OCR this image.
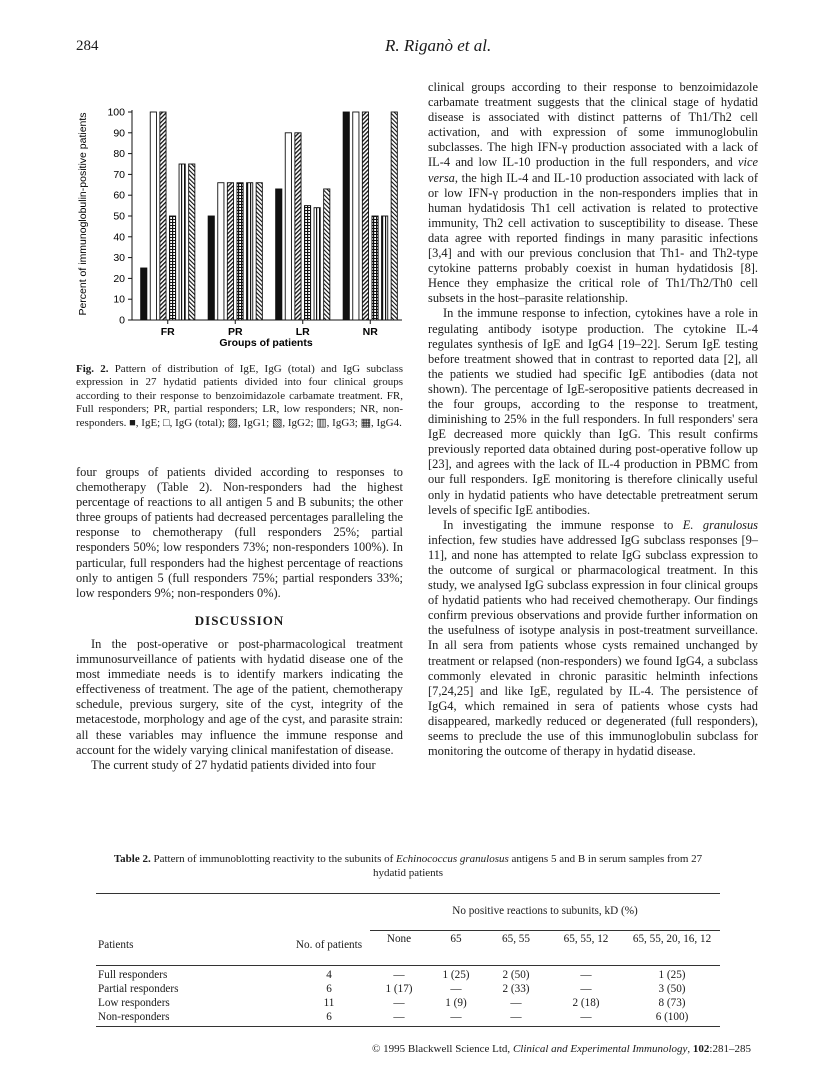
284	R. Riganò et al.
Percent of immunoglobulin-positive patients
0
10
20
30
40
50
60
70
80
90
100
FR	PR	LR	NR
Groups of patients
Fig. 2. Pattern of distribution of IgE, IgG (total) and IgG subclass expression in 27 hydatid patients divided into four clinical groups according to their response to benzoimidazole carbamate treatment. FR, Full responders; PR, partial responders; LR, low responders; NR, non-responders. ■, IgE; □, IgG (total); ▨, IgG1; ▧, IgG2; ▥, IgG3; ▦, IgG4.

four groups of patients divided according to responses to chemotherapy (Table 2). Non-responders had the highest percentage of reactions to all antigen 5 and B subunits; the other three groups of patients had decreased percentages paralleling the response to chemotherapy (full responders 25%; partial responders 50%; low responders 73%; non-responders 100%). In particular, full responders had the highest percentage of reactions only to antigen 5 (full responders 75%; partial responders 33%; low responders 9%; non-responders 0%).

DISCUSSION

In the post-operative or post-pharmacological treatment immunosurveillance of patients with hydatid disease one of the most immediate needs is to identify markers indicating the effectiveness of treatment. The age of the patient, chemotherapy schedule, previous surgery, site of the cyst, integrity of the metacestode, morphology and age of the cyst, and parasite strain: all these variables may influence the immune response and account for the widely varying clinical manifestation of disease.

The current study of 27 hydatid patients divided into four

clinical groups according to their response to benzoimidazole carbamate treatment suggests that the clinical stage of hydatid disease is associated with distinct patterns of Th1/Th2 cell activation, and with expression of some immunoglobulin subclasses. The high IFN-γ production associated with a lack of IL-4 and low IL-10 production in the full responders, and vice versa, the high IL-4 and IL-10 production associated with lack of or low IFN-γ production in the non-responders implies that in human hydatidosis Th1 cell activation is related to protective immunity, Th2 cell activation to susceptibility to disease. These data agree with reported findings in many parasitic infections [3,4] and with our previous conclusion that Th1- and Th2-type cytokine patterns probably coexist in human hydatidosis [8]. Hence they emphasize the critical role of Th1/Th2/Th0 cell subsets in the host–parasite relationship.

In the immune response to infection, cytokines have a role in regulating antibody isotype production. The cytokine IL-4 regulates synthesis of IgE and IgG4 [19–22]. Serum IgE testing before treatment showed that in contrast to reported data [2], all the patients we studied had specific IgE antibodies (data not shown). The percentage of IgE-seropositive patients decreased in the four groups, according to the response to treatment, diminishing to 25% in the full responders. In full responders' sera IgE decreased more quickly than IgG. This result confirms previously reported data obtained during post-operative follow up [23], and agrees with the lack of IL-4 production in PBMC from our full responders. IgE monitoring is therefore clinically useful only in hydatid patients who have detectable pretreatment serum levels of specific IgE antibodies.

In investigating the immune response to E. granulosus infection, few studies have addressed IgG subclass responses [9–11], and none has attempted to relate IgG subclass expression to the outcome of surgical or pharmacological treatment. In this study, we analysed IgG subclass expression in four clinical groups of hydatid patients who had received chemotherapy. Our findings confirm previous observations and provide further information on the usefulness of isotype analysis in post-treatment surveillance. In all sera from patients whose cysts remained unchanged by treatment or relapsed (non-responders) we found IgG4, a subclass commonly elevated in chronic parasitic helminth infections [7,24,25] and like IgE, regulated by IL-4. The persistence of IgG4, which remained in sera of patients whose cysts had disappeared, markedly reduced or degenerated (full responders), seems to preclude the use of this immunoglobulin subclass for monitoring the outcome of therapy in hydatid disease.

Table 2. Pattern of immunoblotting reactivity to the subunits of Echinococcus granulosus antigens 5 and B in serum samples from 27 hydatid patients
		No positive reactions to subunits, kD (%)				
Patients	No. of patients	None	65	65, 55	65, 55, 12	65, 55, 20, 16, 12
Full responders	4	—	1 (25)	2 (50)	—	1 (25)
Partial responders	6	1 (17)	—	2 (33)	—	3 (50)
Low responders	11	—	1 (9)	—	2 (18)	8 (73)
Non-responders	6	—	—	—	—	6 (100)
© 1995 Blackwell Science Ltd, Clinical and Experimental Immunology, 102:281–285
